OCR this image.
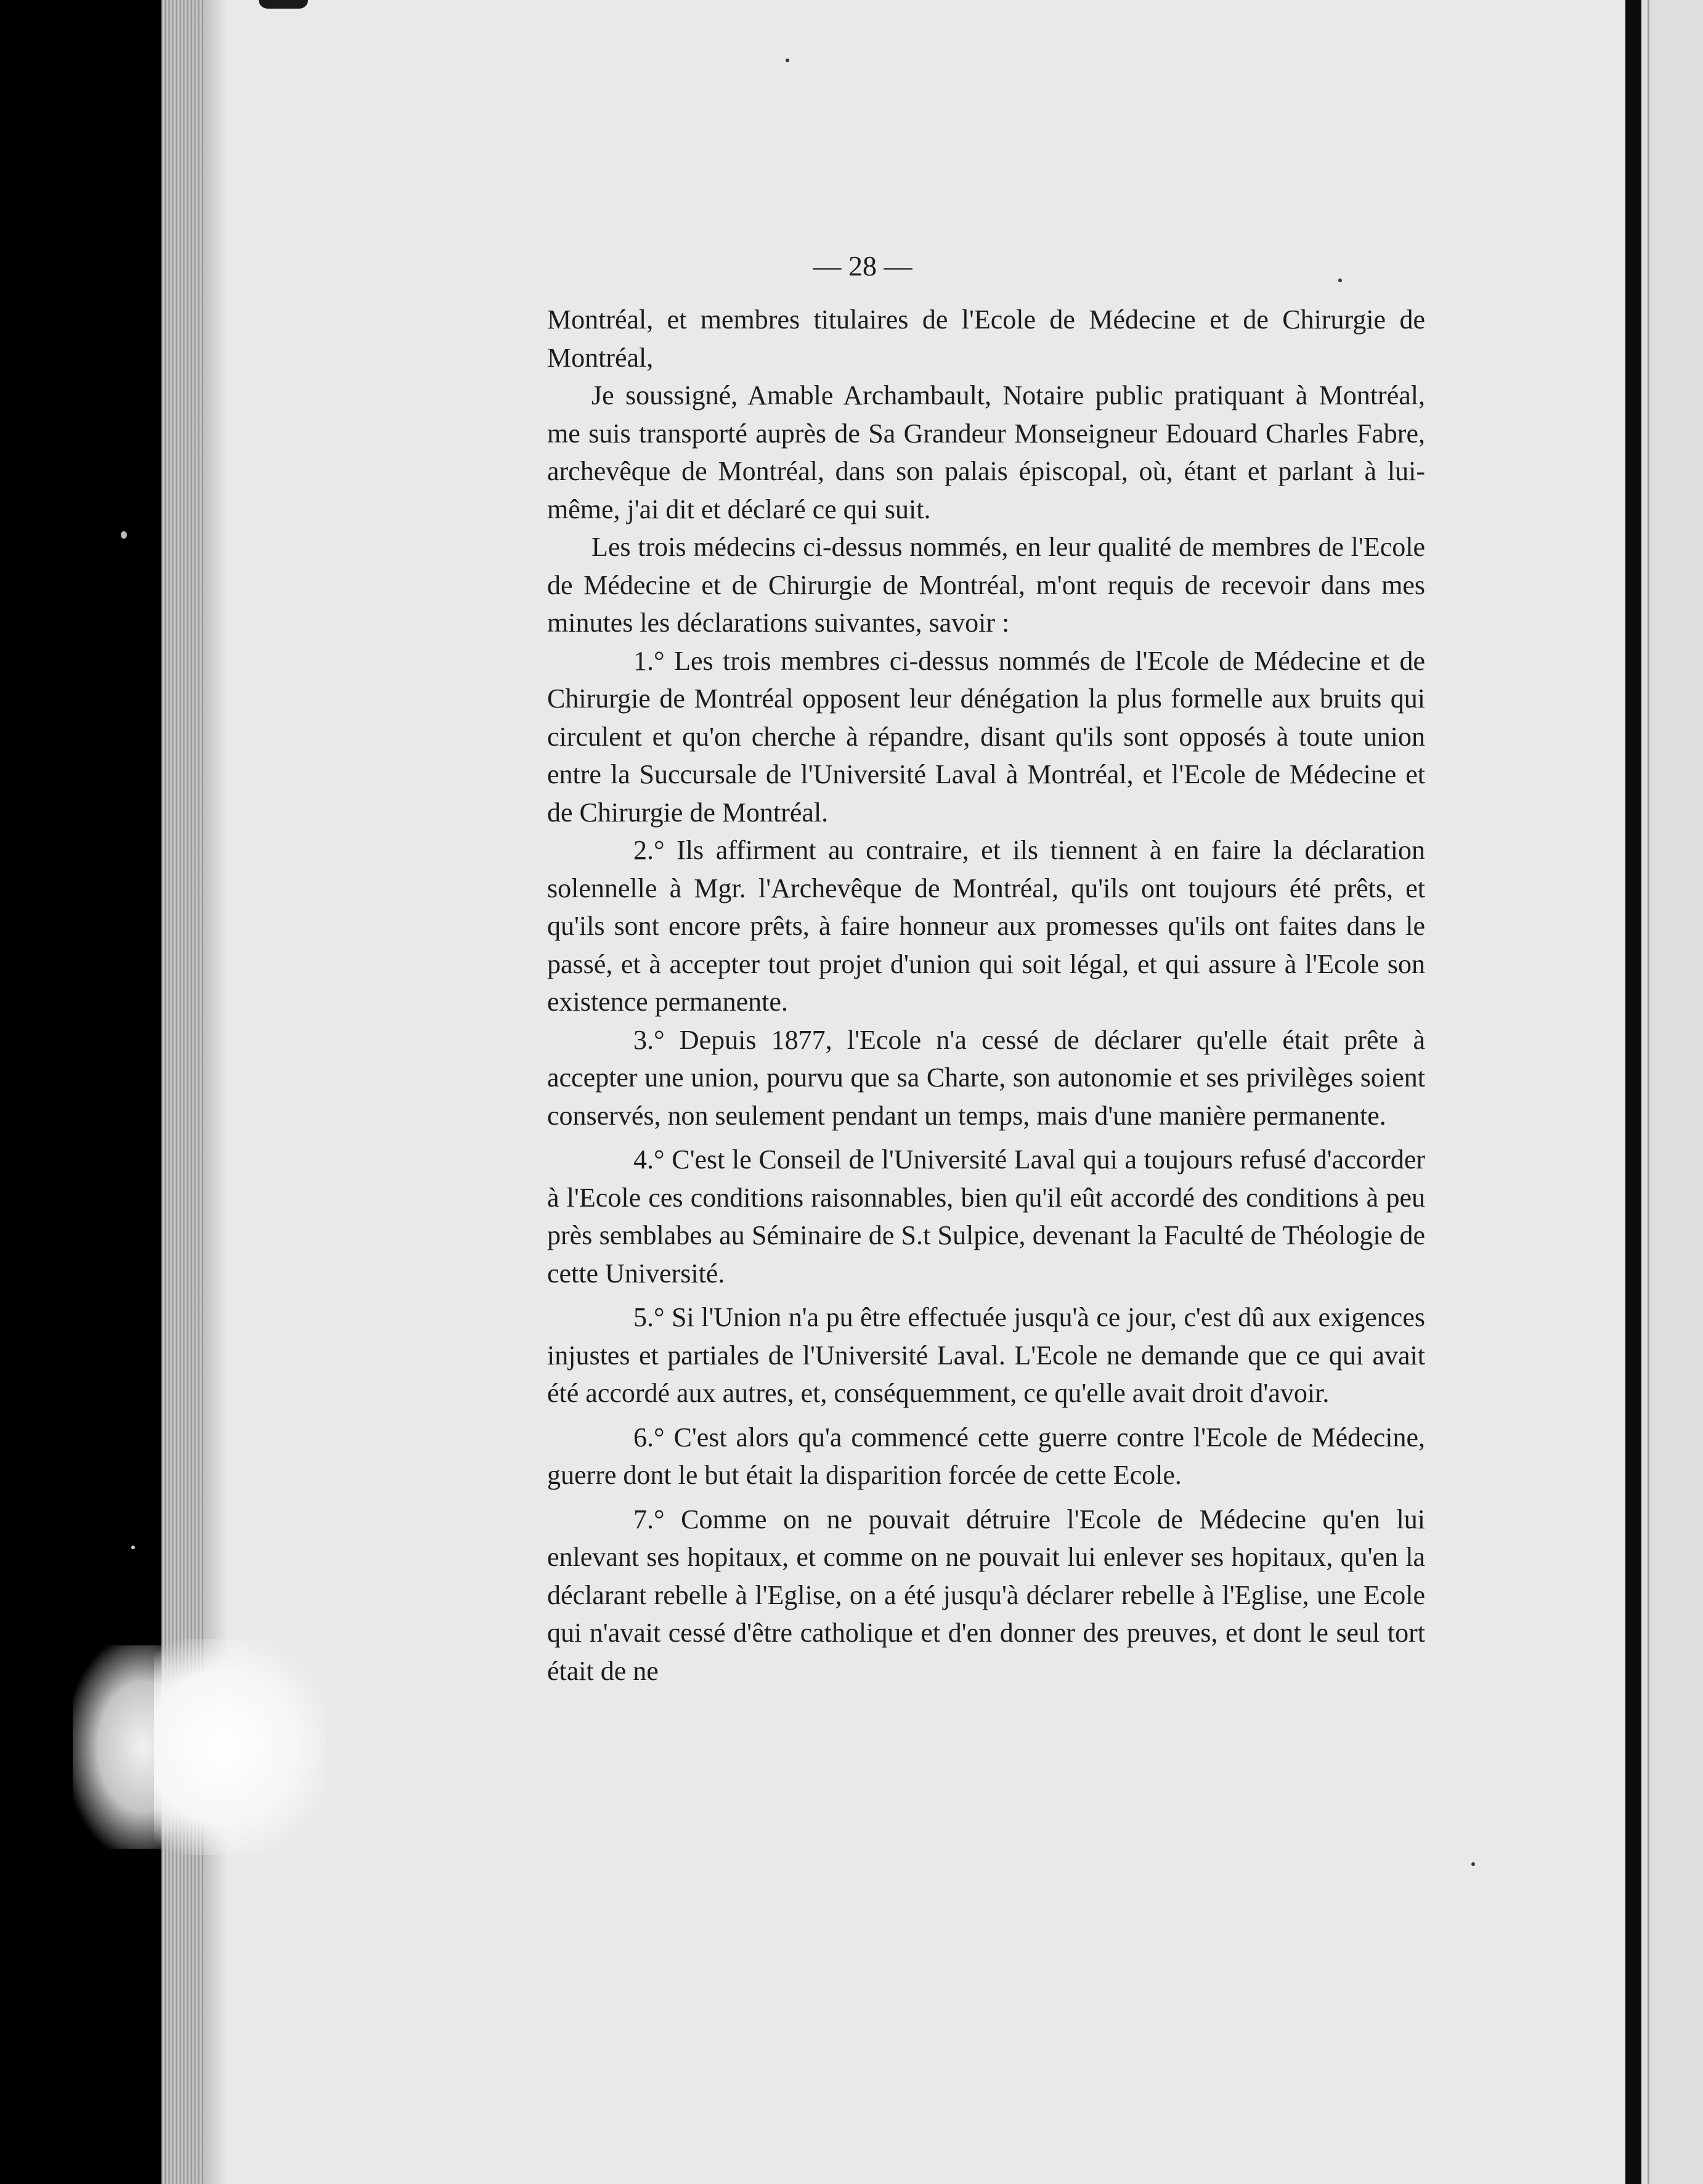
— 28 —

Montréal, et membres titulaires de l'Ecole de Médecine et de Chirurgie de Montréal,

Je soussigné, Amable Archambault, Notaire public pratiquant à Montréal, me suis transporté auprès de Sa Grandeur Monseigneur Edouard Charles Fabre, archevêque de Montréal, dans son palais épiscopal, où, étant et parlant à lui-même, j'ai dit et déclaré ce qui suit.

Les trois médecins ci-dessus nommés, en leur qualité de membres de l'Ecole de Médecine et de Chirurgie de Montréal, m'ont requis de recevoir dans mes minutes les déclarations suivantes, savoir :

1.° Les trois membres ci-dessus nommés de l'Ecole de Médecine et de Chirurgie de Montréal opposent leur dénégation la plus formelle aux bruits qui circulent et qu'on cherche à répandre, disant qu'ils sont opposés à toute union entre la Succursale de l'Université Laval à Montréal, et l'Ecole de Médecine et de Chirurgie de Montréal.

2.° Ils affirment au contraire, et ils tiennent à en faire la déclaration solennelle à Mgr. l'Archevêque de Montréal, qu'ils ont toujours été prêts, et qu'ils sont encore prêts, à faire honneur aux promesses qu'ils ont faites dans le passé, et à accepter tout projet d'union qui soit légal, et qui assure à l'Ecole son existence permanente.

3.° Depuis 1877, l'Ecole n'a cessé de déclarer qu'elle était prête à accepter une union, pourvu que sa Charte, son autonomie et ses privilèges soient conservés, non seulement pendant un temps, mais d'une manière permanente.

4.° C'est le Conseil de l'Université Laval qui a toujours refusé d'accorder à l'Ecole ces conditions raisonnables, bien qu'il eût accordé des conditions à peu près semblabes au Séminaire de S.t Sulpice, devenant la Faculté de Théologie de cette Université.

5.° Si l'Union n'a pu être effectuée jusqu'à ce jour, c'est dû aux exigences injustes et partiales de l'Université Laval. L'Ecole ne demande que ce qui avait été accordé aux autres, et, conséquemment, ce qu'elle avait droit d'avoir.

6.° C'est alors qu'a commencé cette guerre contre l'Ecole de Médecine, guerre dont le but était la disparition forcée de cette Ecole.

7.° Comme on ne pouvait détruire l'Ecole de Médecine qu'en lui enlevant ses hopitaux, et comme on ne pouvait lui enlever ses hopitaux, qu'en la déclarant rebelle à l'Eglise, on a été jusqu'à déclarer rebelle à l'Eglise, une Ecole qui n'avait cessé d'être catholique et d'en donner des preuves, et dont le seul tort était de ne
